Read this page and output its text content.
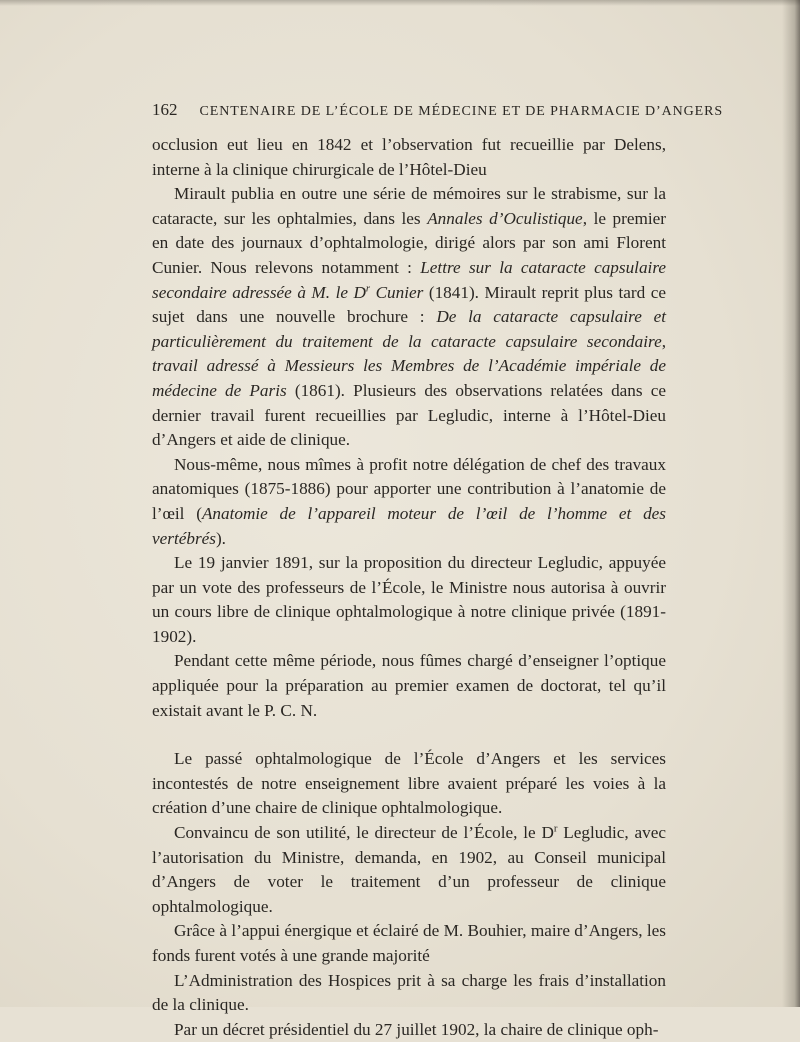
162 CENTENAIRE DE L’ÉCOLE DE MÉDECINE ET DE PHARMACIE D’ANGERS

occlusion eut lieu en 1842 et l’observation fut recueillie par Delens, interne à la clinique chirurgicale de l’Hôtel-Dieu

Mirault publia en outre une série de mémoires sur le strabisme, sur la cataracte, sur les ophtalmies, dans les Annales d’Oculistique, le premier en date des journaux d’ophtalmologie, dirigé alors par son ami Florent Cunier. Nous relevons notamment : Lettre sur la cataracte capsulaire secondaire adressée à M. le $D^r$ Cunier (1841). Mirault reprit plus tard ce sujet dans une nouvelle brochure : De la cataracte capsulaire et particulièrement du traitement de la cataracte capsulaire secondaire, travail adressé à Messieurs les Membres de l’Académie impériale de médecine de Paris (1861). Plusieurs des observations relatées dans ce dernier travail furent recueillies par Legludic, interne à l’Hôtel-Dieu d’Angers et aide de clinique.

Nous-même, nous mîmes à profit notre délégation de chef des travaux anatomiques (1875-1886) pour apporter une contribution à l’anatomie de l’œil (Anatomie de l’appareil moteur de l’œil de l’homme et des vertébrés).

Le 19 janvier 1891, sur la proposition du directeur Legludic, appuyée par un vote des professeurs de l’École, le Ministre nous autorisa à ouvrir un cours libre de clinique ophtalmologique à notre clinique privée (1891-1902).

Pendant cette même période, nous fûmes chargé d’enseigner l’optique appliquée pour la préparation au premier examen de doctorat, tel qu’il existait avant le P. C. N.

Le passé ophtalmologique de l’École d’Angers et les services incontestés de notre enseignement libre avaient préparé les voies à la création d’une chaire de clinique ophtalmologique.

Convaincu de son utilité, le directeur de l’École, le $D^r$ Legludic, avec l’autorisation du Ministre, demanda, en 1902, au Conseil municipal d’Angers de voter le traitement d’un professeur de clinique ophtalmologique.

Grâce à l’appui énergique et éclairé de M. Bouhier, maire d’Angers, les fonds furent votés à une grande majorité

L’Administration des Hospices prit à sa charge les frais d’installation de la clinique.

Par un décret présidentiel du 27 juillet 1902, la chaire de clinique oph-
